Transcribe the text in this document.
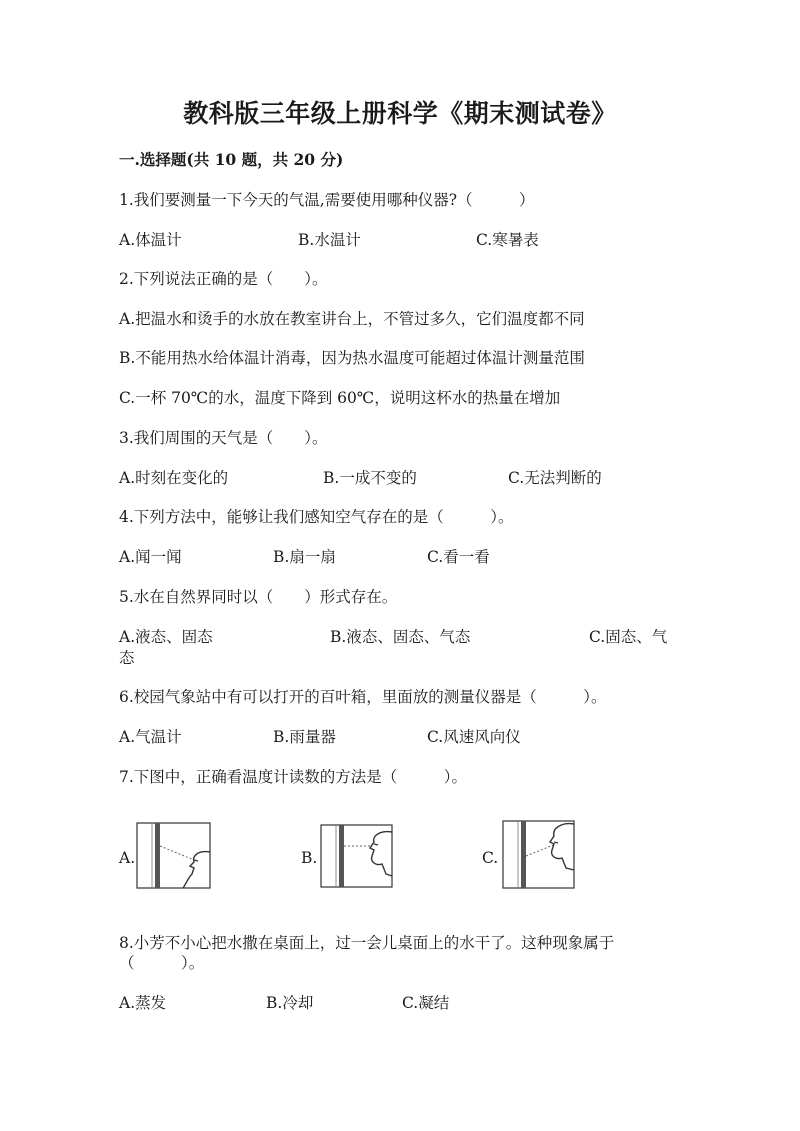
教科版三年级上册科学《期末测试卷》
一.选择题(共 10 题，共 20 分)
1.我们要测量一下今天的气温,需要使用哪种仪器?（　　　）
A.体温计	B.水温计	C.寒暑表
2.下列说法正确的是（　　）。
A.把温水和烫手的水放在教室讲台上，不管过多久，它们温度都不同
B.不能用热水给体温计消毒，因为热水温度可能超过体温计测量范围
C.一杯 70℃的水，温度下降到 60℃，说明这杯水的热量在增加
3.我们周围的天气是（　　）。
A.时刻在变化的	B.一成不变的	C.无法判断的
4.下列方法中，能够让我们感知空气存在的是（　　　）。
A.闻一闻	B.扇一扇	C.看一看
5.水在自然界同时以（　　）形式存在。
A.液态、固态	B.液态、固态、气态	C.固态、气
态
6.校园气象站中有可以打开的百叶箱，里面放的测量仪器是（　　　）。
A.气温计	B.雨量器	C.风速风向仪
7.下图中，正确看温度计读数的方法是（　　　）。
A.	B.	C.
8.小芳不小心把水撒在桌面上，过一会儿桌面上的水干了。这种现象属于
（　　　）。
A.蒸发	B.冷却	C.凝结
